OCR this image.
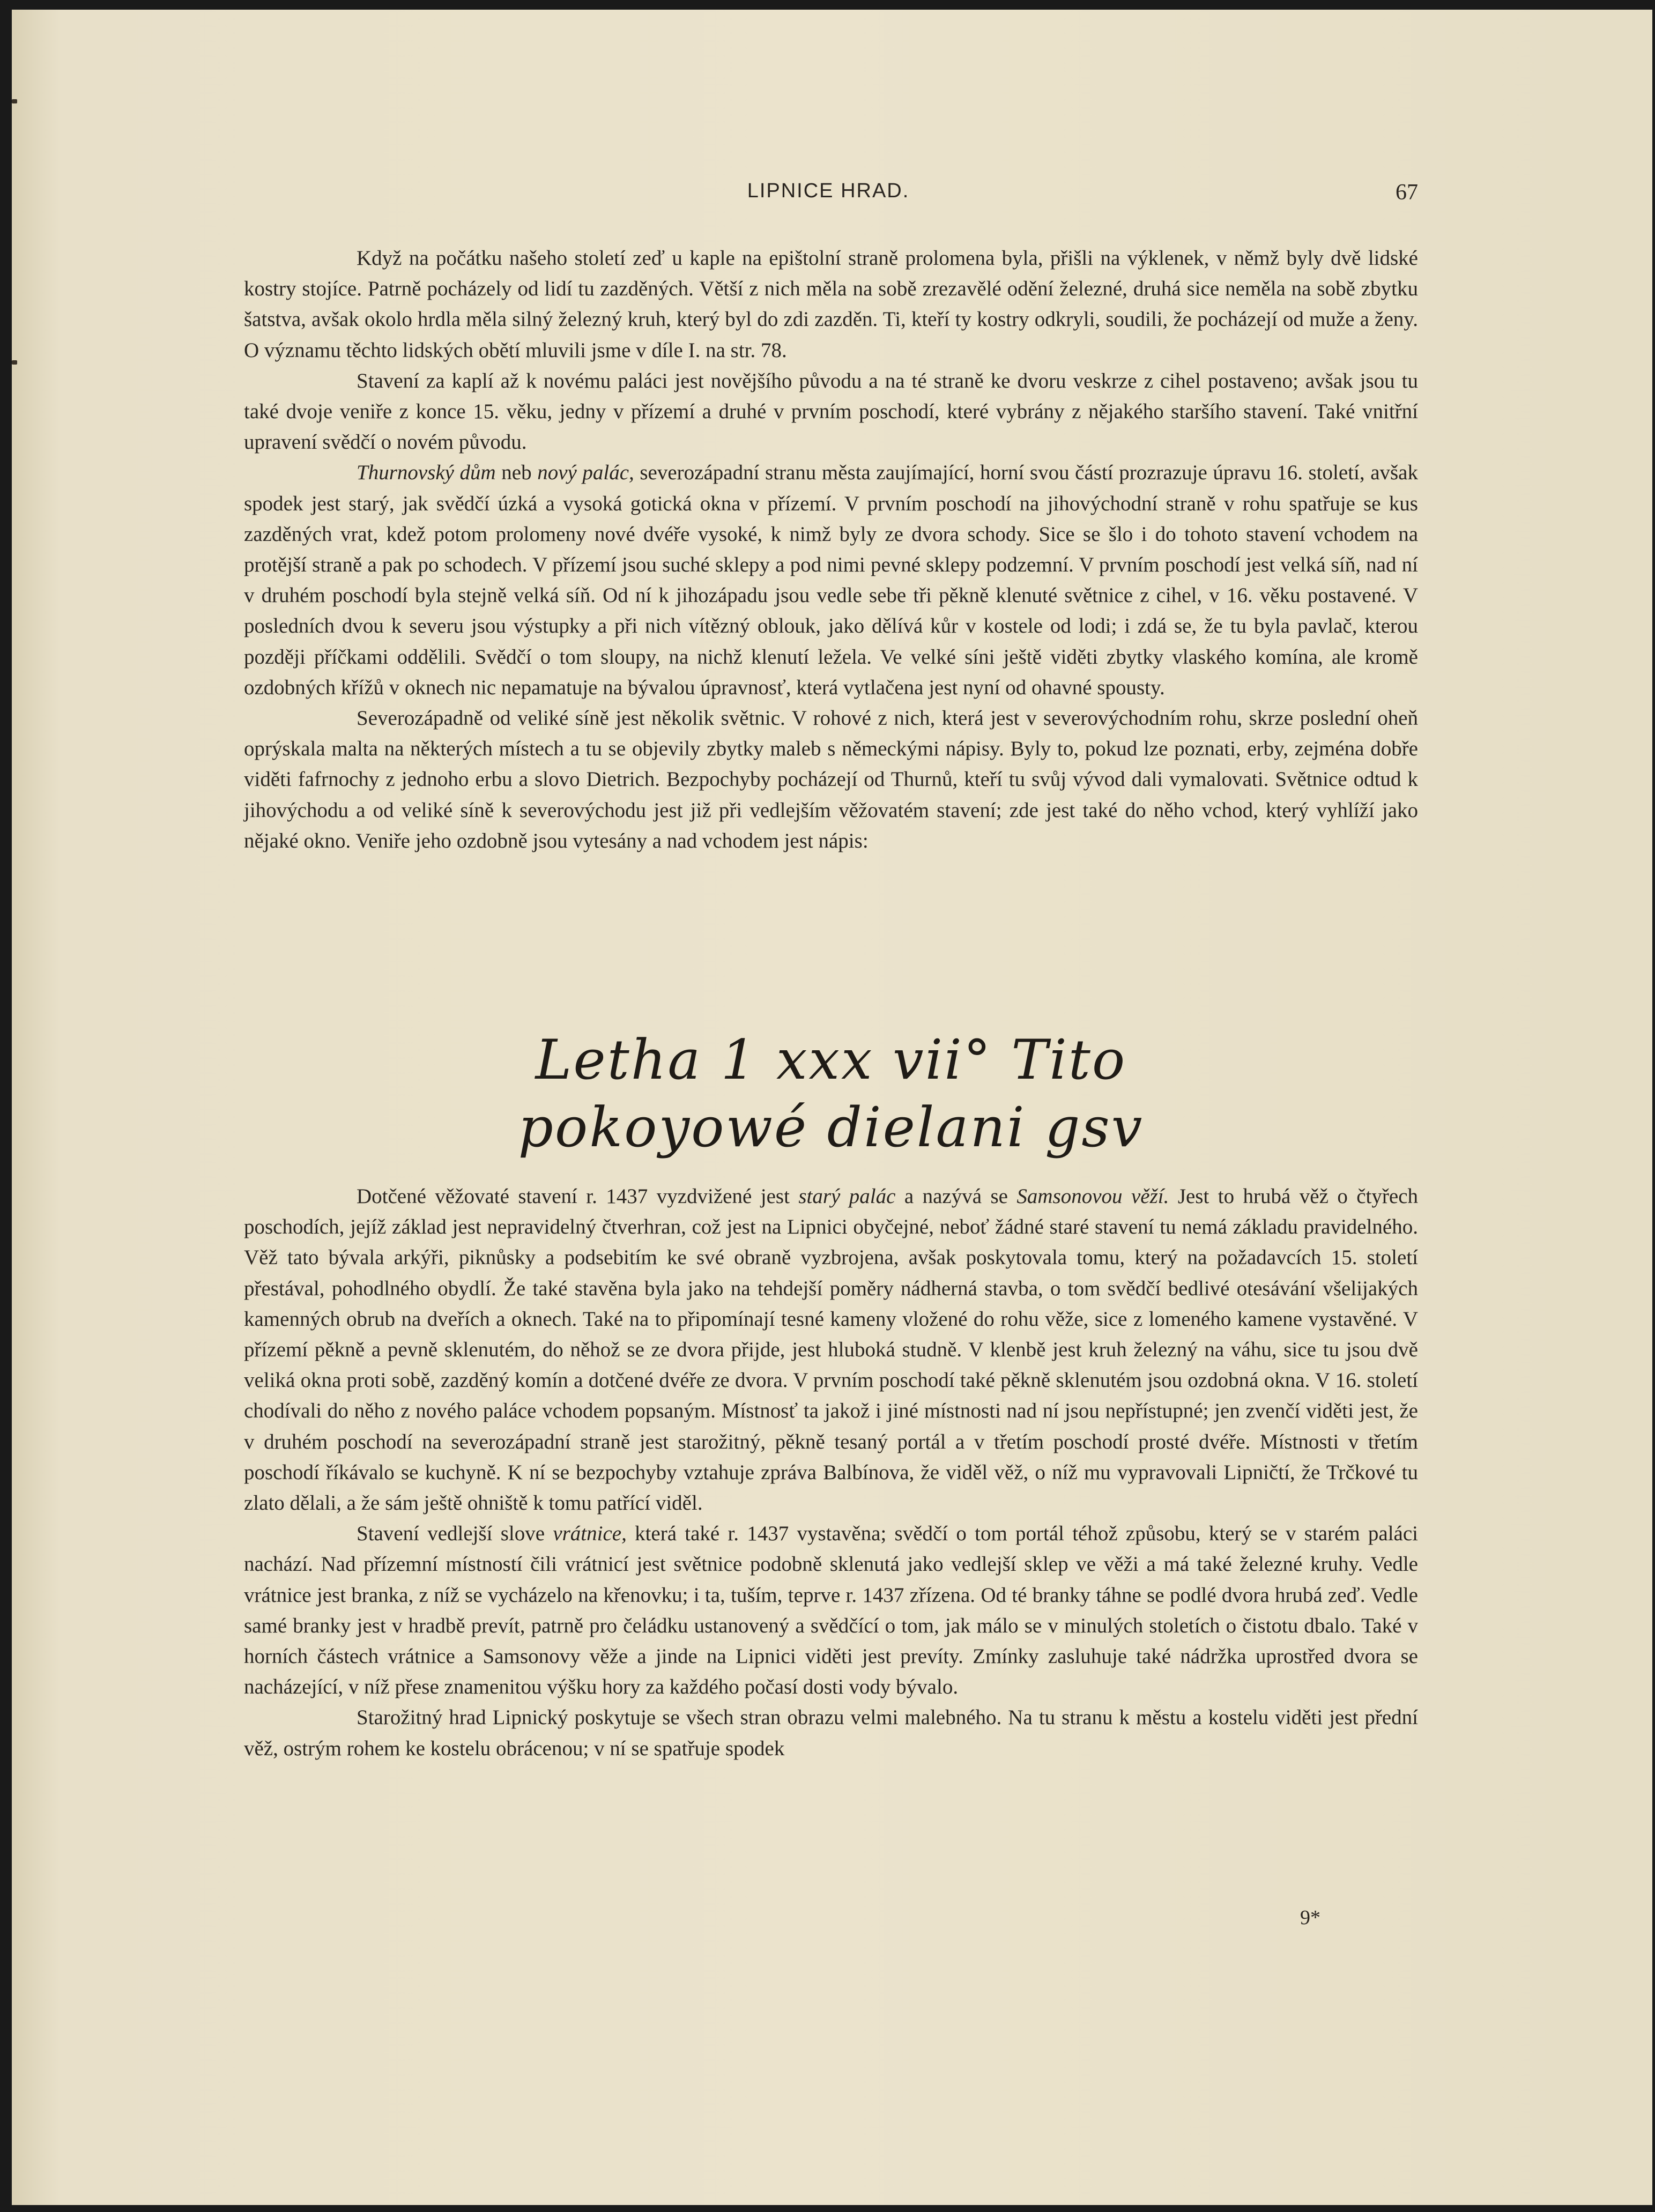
LIPNICE HRAD.	67

Když na počátku našeho století zeď u kaple na epištolní straně prolomena byla, přišli na výklenek, v němž byly dvě lidské kostry stojíce. Patrně pocházely od lidí tu zazděných. Větší z nich měla na sobě zrezavělé odění železné, druhá sice neměla na sobě zbytku šatstva, avšak okolo hrdla měla silný železný kruh, který byl do zdi zazděn. Ti, kteří ty kostry odkryli, soudili, že pocházejí od muže a ženy. O významu těchto lidských obětí mluvili jsme v díle I. na str. 78.

Stavení za kaplí až k novému paláci jest novějšího původu a na té straně ke dvoru veskrze z cihel postaveno; avšak jsou tu také dvoje veniře z konce 15. věku, jedny v přízemí a druhé v prvním poschodí, které vybrány z nějakého staršího stavení. Také vnitřní upravení svědčí o novém původu.

Thurnovský dům neb nový palác, severozápadní stranu města zaujímající, horní svou částí prozrazuje úpravu 16. století, avšak spodek jest starý, jak svědčí úzká a vysoká gotická okna v přízemí. V prvním poschodí na jihovýchodní straně v rohu spatřuje se kus zazděných vrat, kdež potom prolomeny nové dvéře vysoké, k nimž byly ze dvora schody. Sice se šlo i do tohoto stavení vchodem na protější straně a pak po schodech. V přízemí jsou suché sklepy a pod nimi pevné sklepy podzemní. V prvním poschodí jest velká síň, nad ní v druhém poschodí byla stejně velká síň. Od ní k jihozápadu jsou vedle sebe tři pěkně klenuté světnice z cihel, v 16. věku postavené. V posledních dvou k severu jsou výstupky a při nich vítězný oblouk, jako dělívá kůr v kostele od lodi; i zdá se, že tu byla pavlač, kterou později příčkami oddělili. Svědčí o tom sloupy, na nichž klenutí ležela. Ve velké síni ještě viděti zbytky vlaského komína, ale kromě ozdobných křížů v oknech nic nepamatuje na bývalou úpravnosť, která vytlačena jest nyní od ohavné spousty.

Severozápadně od veliké síně jest několik světnic. V rohové z nich, která jest v severovýchodním rohu, skrze poslední oheň oprýskala malta na některých místech a tu se objevily zbytky maleb s německými nápisy. Byly to, pokud lze poznati, erby, zejména dobře viděti fafrnochy z jednoho erbu a slovo Dietrich. Bezpochyby pocházejí od Thurnů, kteří tu svůj vývod dali vymalovati. Světnice odtud k jihovýchodu a od veliké síně k severovýchodu jest již při vedlejším věžovatém stavení; zde jest také do něho vchod, který vyhlíží jako nějaké okno. Veniře jeho ozdobně jsou vytesány a nad vchodem jest nápis:

Letha 1 xxx vii° Tito
pokoyowé dielani gsv

Dotčené věžovaté stavení r. 1437 vyzdvižené jest starý palác a nazývá se Samsonovou věží. Jest to hrubá věž o čtyřech poschodích, jejíž základ jest nepravidelný čtverhran, což jest na Lipnici obyčejné, neboť žádné staré stavení tu nemá základu pravidelného. Věž tato bývala arkýři, piknůsky a podsebitím ke své obraně vyzbrojena, avšak poskytovala tomu, který na požadavcích 15. století přestával, pohodlného obydlí. Že také stavěna byla jako na tehdejší poměry nádherná stavba, o tom svědčí bedlivé otesávání všelijakých kamenných obrub na dveřích a oknech. Také na to připomínají tesné kameny vložené do rohu věže, sice z lomeného kamene vystavěné. V přízemí pěkně a pevně sklenutém, do něhož se ze dvora přijde, jest hluboká studně. V klenbě jest kruh železný na váhu, sice tu jsou dvě veliká okna proti sobě, zazděný komín a dotčené dvéře ze dvora. V prvním poschodí také pěkně sklenutém jsou ozdobná okna. V 16. století chodívali do něho z nového paláce vchodem popsaným. Místnosť ta jakož i jiné místnosti nad ní jsou nepřístupné; jen zvenčí viděti jest, že v druhém poschodí na severozápadní straně jest starožitný, pěkně tesaný portál a v třetím poschodí prosté dvéře. Místnosti v třetím poschodí říkávalo se kuchyně. K ní se bezpochyby vztahuje zpráva Balbínova, že viděl věž, o níž mu vypravovali Lipničtí, že Trčkové tu zlato dělali, a že sám ještě ohniště k tomu patřící viděl.

Stavení vedlejší slove vrátnice, která také r. 1437 vystavěna; svědčí o tom portál téhož způsobu, který se v starém paláci nachází. Nad přízemní místností čili vrátnicí jest světnice podobně sklenutá jako vedlejší sklep ve věži a má také železné kruhy. Vedle vrátnice jest branka, z níž se vycházelo na křenovku; i ta, tuším, teprve r. 1437 zřízena. Od té branky táhne se podlé dvora hrubá zeď. Vedle samé branky jest v hradbě prevít, patrně pro čeládku ustanovený a svědčící o tom, jak málo se v minulých stoletích o čistotu dbalo. Také v horních částech vrátnice a Samsonovy věže a jinde na Lipnici viděti jest prevíty. Zmínky zasluhuje také nádržka uprostřed dvora se nacházející, v níž přese znamenitou výšku hory za každého počasí dosti vody bývalo.

Starožitný hrad Lipnický poskytuje se všech stran obrazu velmi malebného. Na tu stranu k městu a kostelu viděti jest přední věž, ostrým rohem ke kostelu obrácenou; v ní se spatřuje spodek

9*
